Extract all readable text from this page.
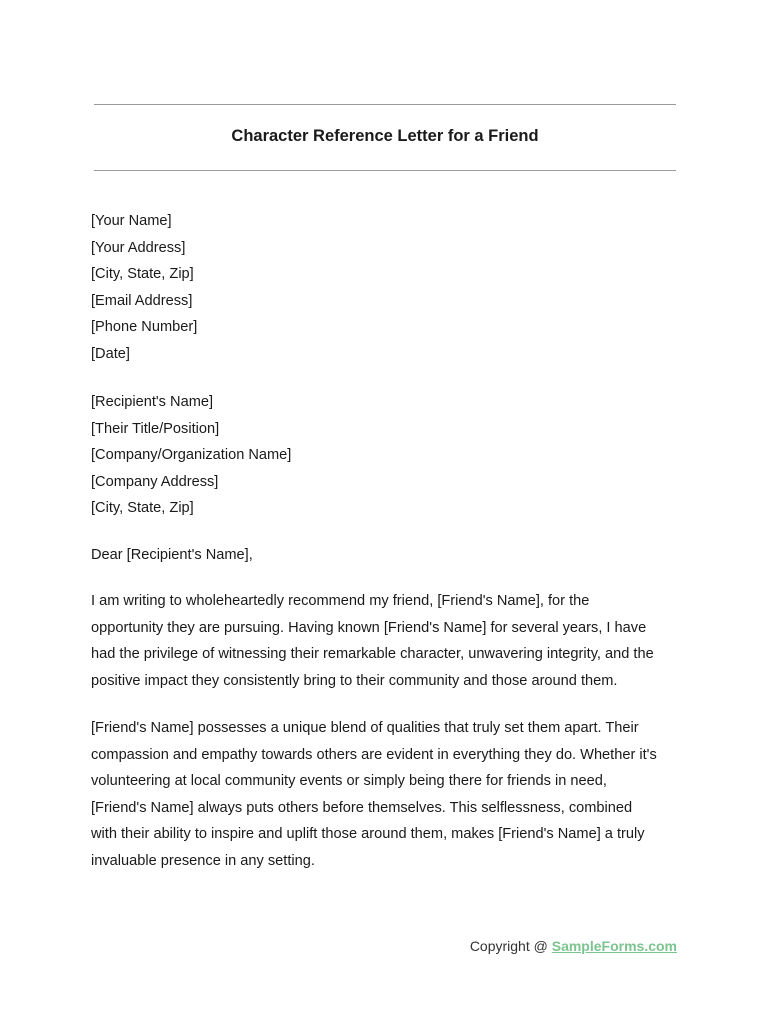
Character Reference Letter for a Friend
[Your Name]
[Your Address]
[City, State, Zip]
[Email Address]
[Phone Number]
[Date]
[Recipient's Name]
[Their Title/Position]
[Company/Organization Name]
[Company Address]
[City, State, Zip]
Dear [Recipient's Name],
I am writing to wholeheartedly recommend my friend, [Friend's Name], for the
opportunity they are pursuing. Having known [Friend's Name] for several years, I have
had the privilege of witnessing their remarkable character, unwavering integrity, and the
positive impact they consistently bring to their community and those around them.
[Friend's Name] possesses a unique blend of qualities that truly set them apart. Their
compassion and empathy towards others are evident in everything they do. Whether it's
volunteering at local community events or simply being there for friends in need,
[Friend's Name] always puts others before themselves. This selflessness, combined
with their ability to inspire and uplift those around them, makes [Friend's Name] a truly
invaluable presence in any setting.
Copyright @ SampleForms.com
